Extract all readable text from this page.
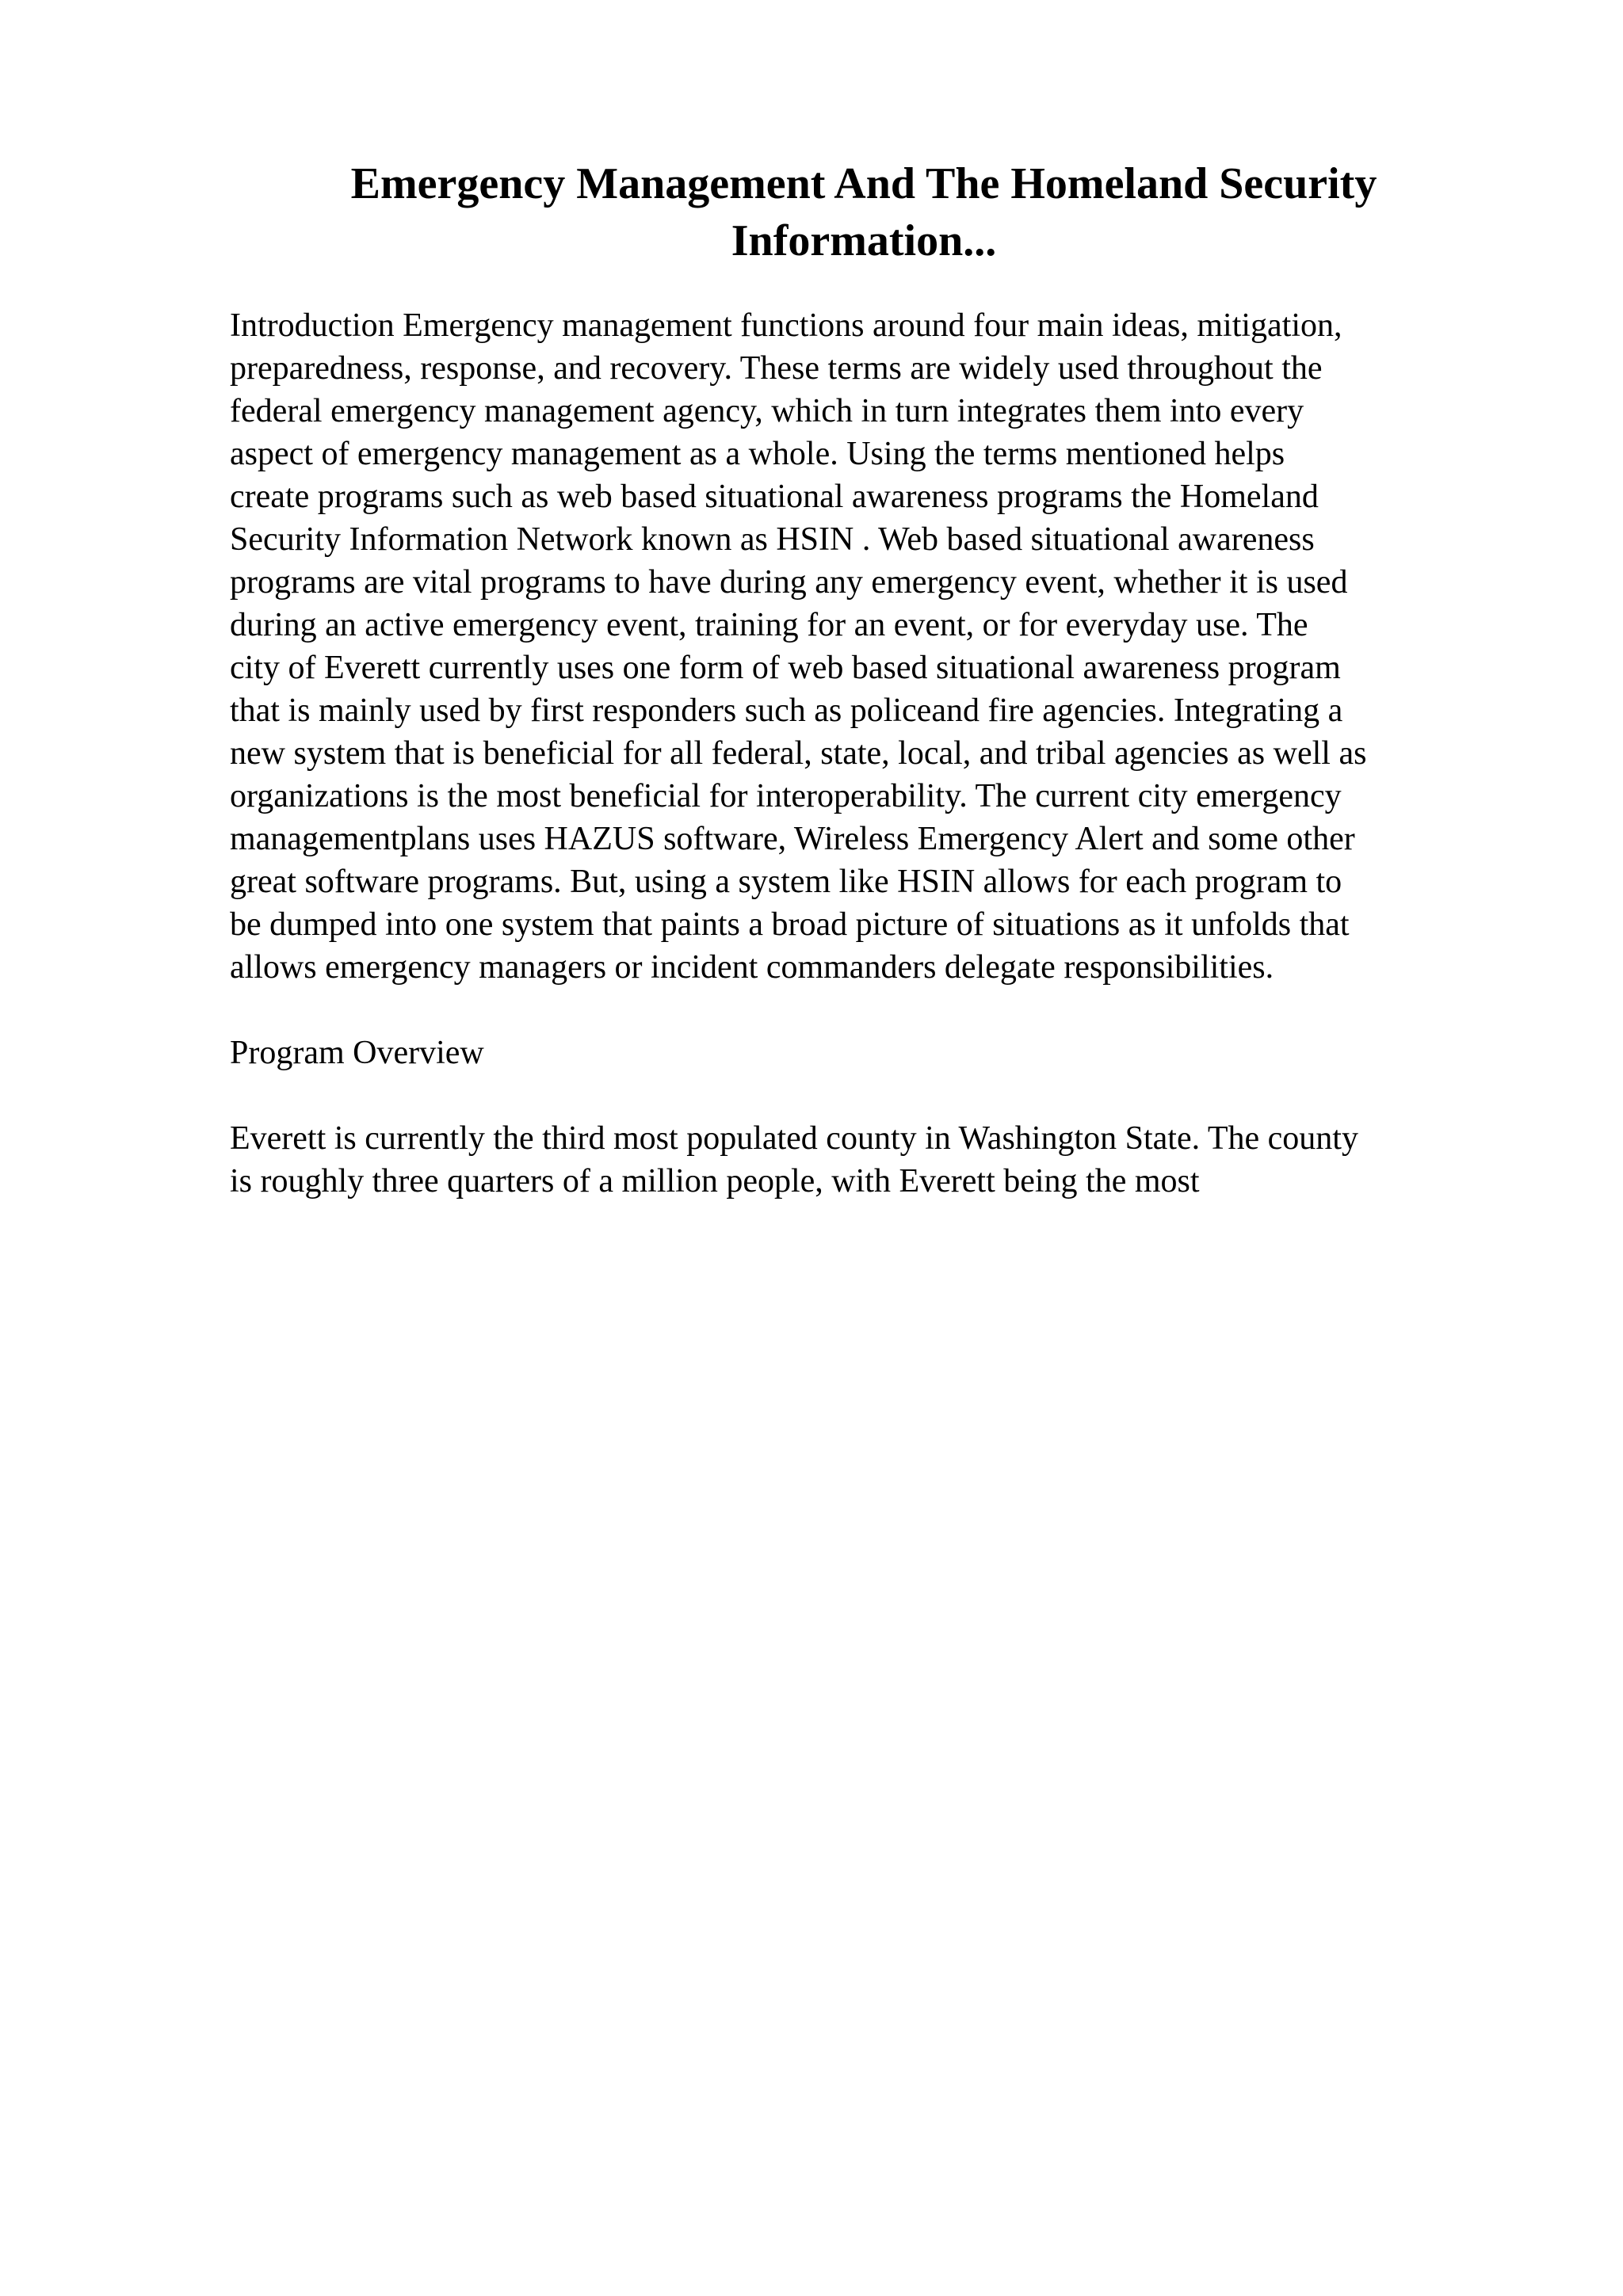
Emergency Management And The Homeland Security
Information...

Introduction Emergency management functions around four main ideas, mitigation,
preparedness, response, and recovery. These terms are widely used throughout the
federal emergency management agency, which in turn integrates them into every
aspect of emergency management as a whole. Using the terms mentioned helps
create programs such as web based situational awareness programs the Homeland
Security Information Network known as HSIN . Web based situational awareness
programs are vital programs to have during any emergency event, whether it is used
during an active emergency event, training for an event, or for everyday use. The
city of Everett currently uses one form of web based situational awareness program
that is mainly used by first responders such as policeand fire agencies. Integrating a
new system that is beneficial for all federal, state, local, and tribal agencies as well as
organizations is the most beneficial for interoperability. The current city emergency
managementplans uses HAZUS software, Wireless Emergency Alert and some other
great software programs. But, using a system like HSIN allows for each program to
be dumped into one system that paints a broad picture of situations as it unfolds that
allows emergency managers or incident commanders delegate responsibilities.

Program Overview

Everett is currently the third most populated county in Washington State. The county
is roughly three quarters of a million people, with Everett being the most
